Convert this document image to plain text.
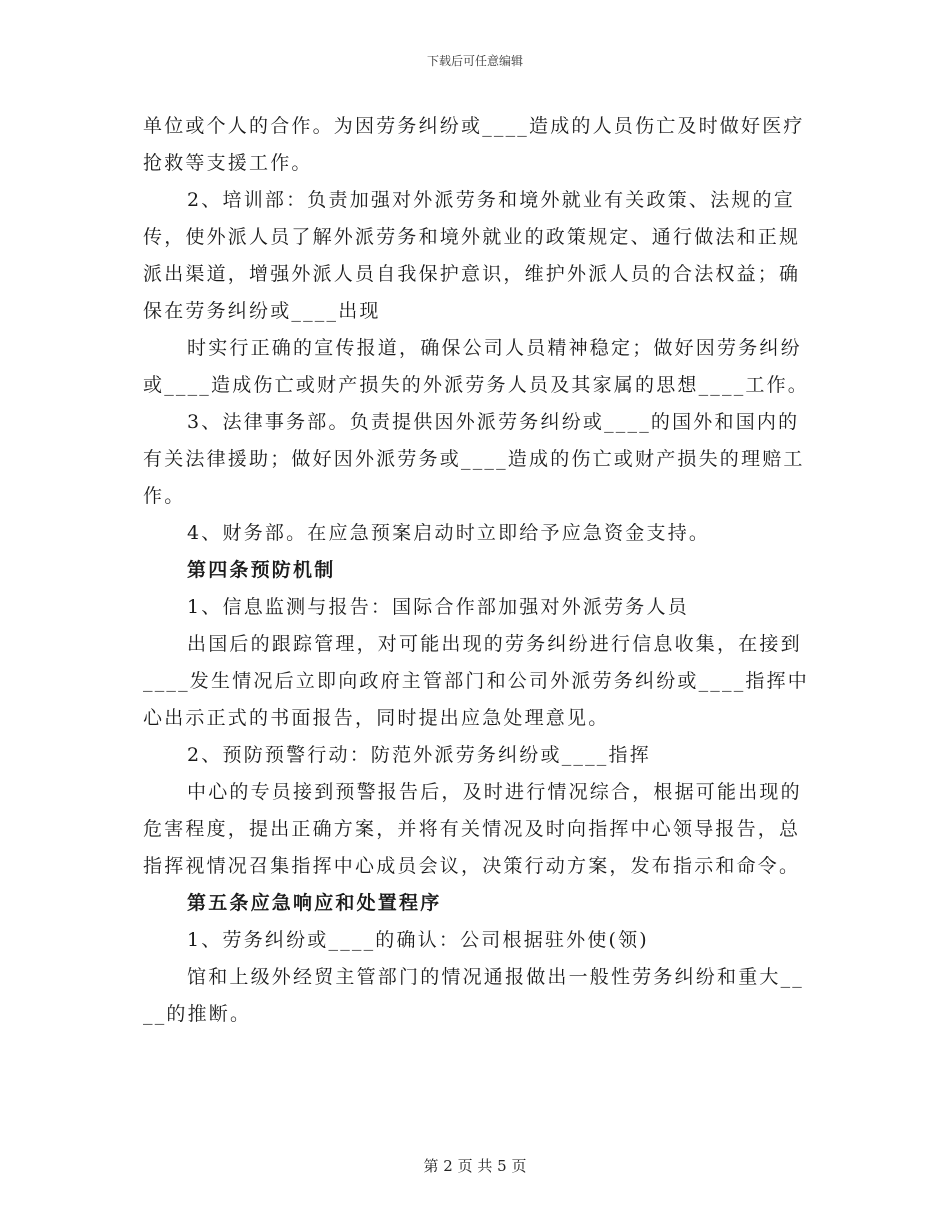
下载后可任意编辑

单位或个人的合作。为因劳务纠纷或____造成的人员伤亡及时做好医疗抢救等支援工作。

2、培训部：负责加强对外派劳务和境外就业有关政策、法规的宣传，使外派人员了解外派劳务和境外就业的政策规定、通行做法和正规派出渠道，增强外派人员自我保护意识，维护外派人员的合法权益；确保在劳务纠纷或____出现

时实行正确的宣传报道，确保公司人员精神稳定；做好因劳务纠纷或____造成伤亡或财产损失的外派劳务人员及其家属的思想____工作。

3、法律事务部。负责提供因外派劳务纠纷或____的国外和国内的有关法律援助；做好因外派劳务或____造成的伤亡或财产损失的理赔工作。

4、财务部。在应急预案启动时立即给予应急资金支持。

第四条预防机制

1、信息监测与报告：国际合作部加强对外派劳务人员

出国后的跟踪管理，对可能出现的劳务纠纷进行信息收集，在接到____发生情况后立即向政府主管部门和公司外派劳务纠纷或____指挥中心出示正式的书面报告，同时提出应急处理意见。

2、预防预警行动：防范外派劳务纠纷或____指挥

中心的专员接到预警报告后，及时进行情况综合，根据可能出现的危害程度，提出正确方案，并将有关情况及时向指挥中心领导报告，总指挥视情况召集指挥中心成员会议，决策行动方案，发布指示和命令。

第五条应急响应和处置程序

1、劳务纠纷或____的确认：公司根据驻外使(领)

馆和上级外经贸主管部门的情况通报做出一般性劳务纠纷和重大____的推断。

第 2 页 共 5 页
